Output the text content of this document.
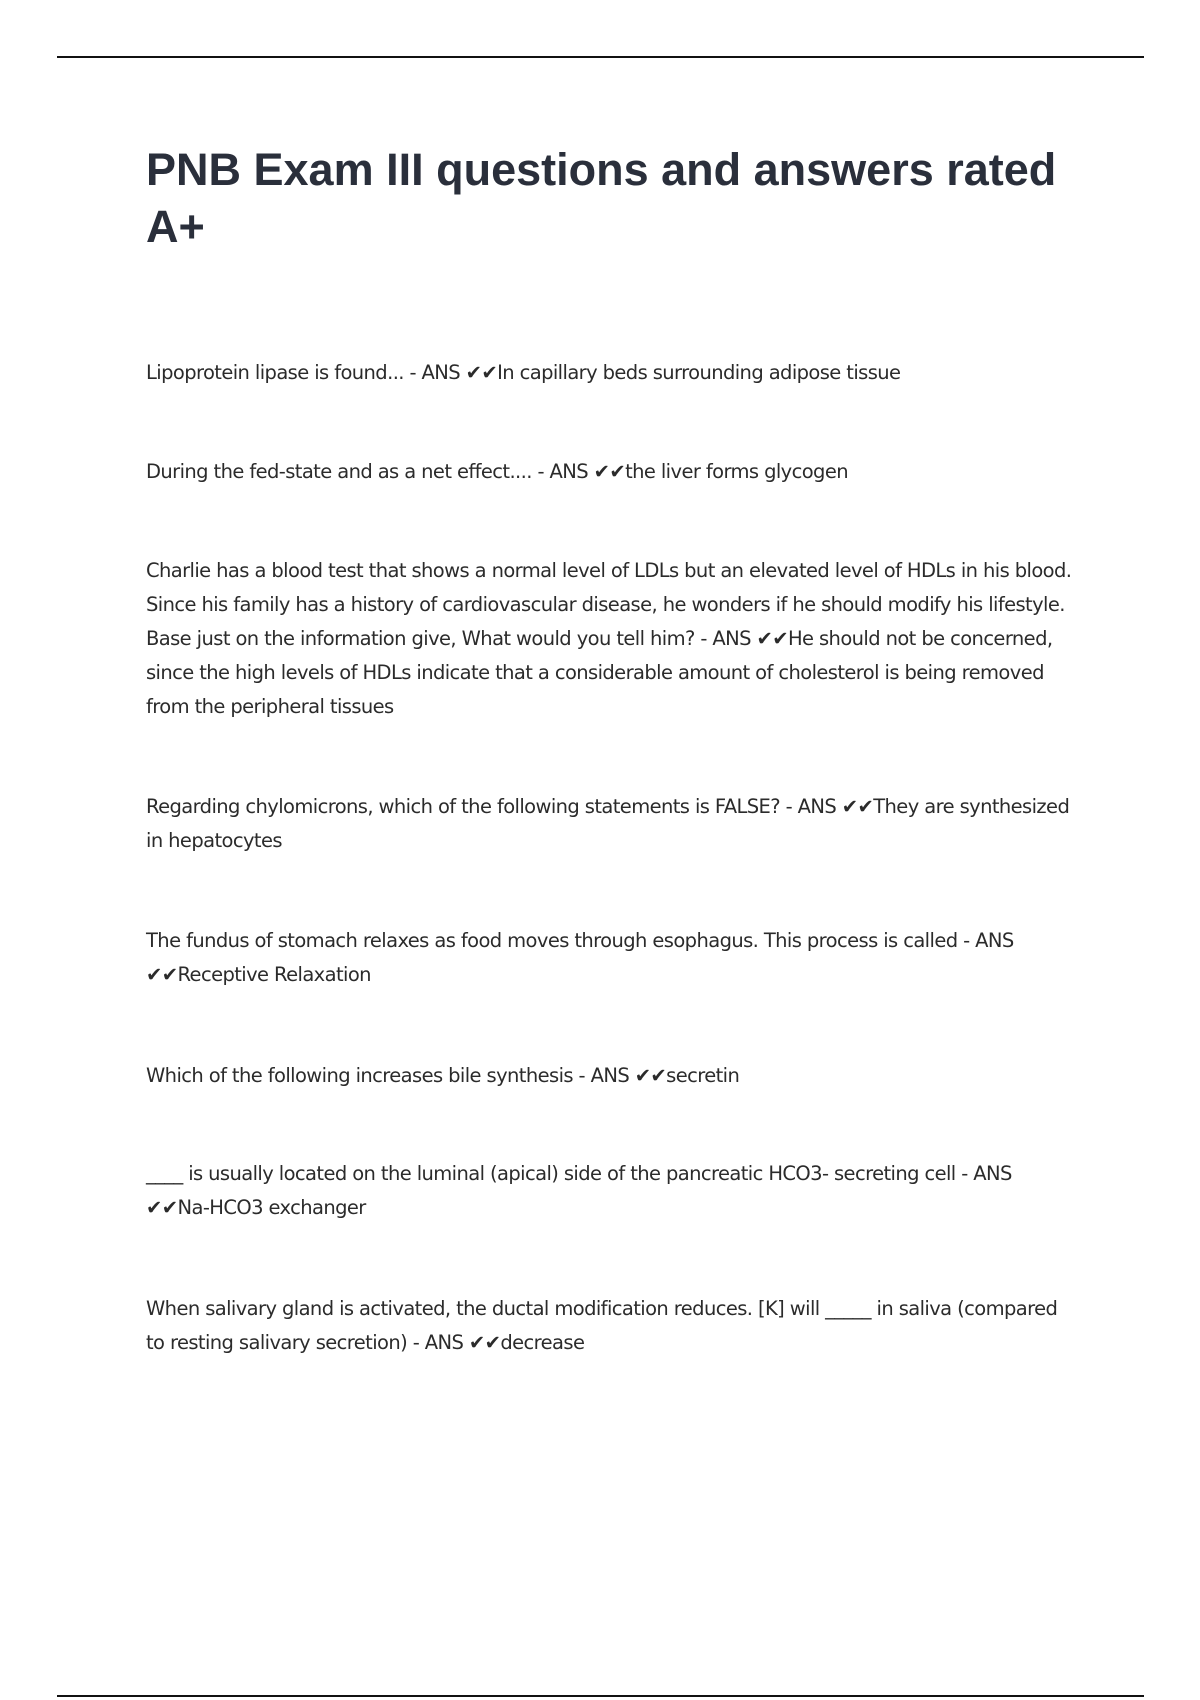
PNB Exam III questions and answers rated A+

Lipoprotein lipase is found... - ANS ✔✔In capillary beds surrounding adipose tissue

During the fed-state and as a net effect.... - ANS ✔✔the liver forms glycogen

Charlie has a blood test that shows a normal level of LDLs but an elevated level of HDLs in his blood. Since his family has a history of cardiovascular disease, he wonders if he should modify his lifestyle. Base just on the information give, What would you tell him? - ANS ✔✔He should not be concerned, since the high levels of HDLs indicate that a considerable amount of cholesterol is being removed from the peripheral tissues

Regarding chylomicrons, which of the following statements is FALSE? - ANS ✔✔They are synthesized in hepatocytes

The fundus of stomach relaxes as food moves through esophagus. This process is called - ANS ✔✔Receptive Relaxation

Which of the following increases bile synthesis - ANS ✔✔secretin

____ is usually located on the luminal (apical) side of the pancreatic HCO3- secreting cell - ANS ✔✔Na-HCO3 exchanger

When salivary gland is activated, the ductal modification reduces. [K] will _____ in saliva (compared to resting salivary secretion) - ANS ✔✔decrease
